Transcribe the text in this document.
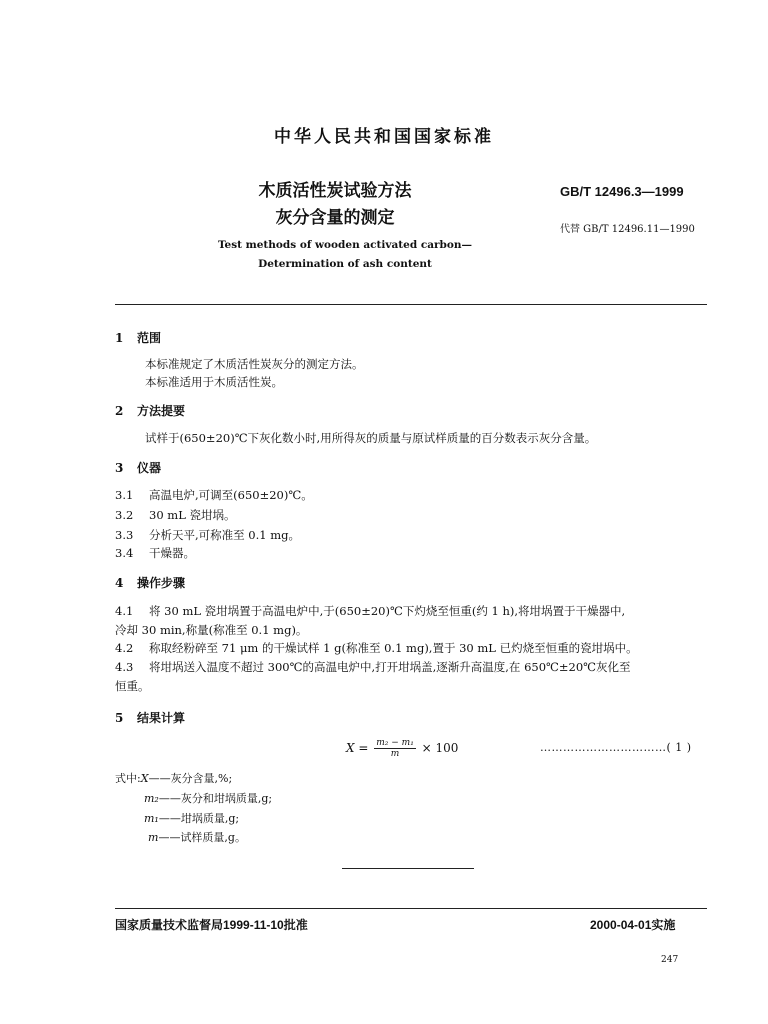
中华人民共和国国家标准
木质活性炭试验方法
灰分含量的测定
GB/T 12496.3—1999
代替 GB/T 12496.11—1990
Test methods of wooden activated carbon—
Determination of ash content
1 范围
本标准规定了木质活性炭灰分的测定方法。
本标准适用于木质活性炭。
2 方法提要
试样于(650±20)℃下灰化数小时,用所得灰的质量与原试样质量的百分数表示灰分含量。
3 仪器
3.1 高温电炉,可调至(650±20)℃。
3.2 30 mL 瓷坩埚。
3.3 分析天平,可称准至 0.1 mg。
3.4 干燥器。
4 操作步骤
4.1 将 30 mL 瓷坩埚置于高温电炉中,于(650±20)℃下灼烧至恒重(约 1 h),将坩埚置于干燥器中,
冷却 30 min,称量(称准至 0.1 mg)。
4.2 称取经粉碎至 71 μm 的干燥试样 1 g(称准至 0.1 mg),置于 30 mL 已灼烧至恒重的瓷坩埚中。
4.3 将坩埚送入温度不超过 300℃的高温电炉中,打开坩埚盖,逐渐升高温度,在 650℃±20℃灰化至
恒重。
5 结果计算
$X = \frac{\text{m₂ − m₁}}{m} \times 100$	……………………………( 1 )
式中:X——灰分含量,%;
m₂——灰分和坩埚质量,g;
m₁——坩埚质量,g;
m——试样质量,g。
国家质量技术监督局1999-11-10批准	2000-04-01实施
247
